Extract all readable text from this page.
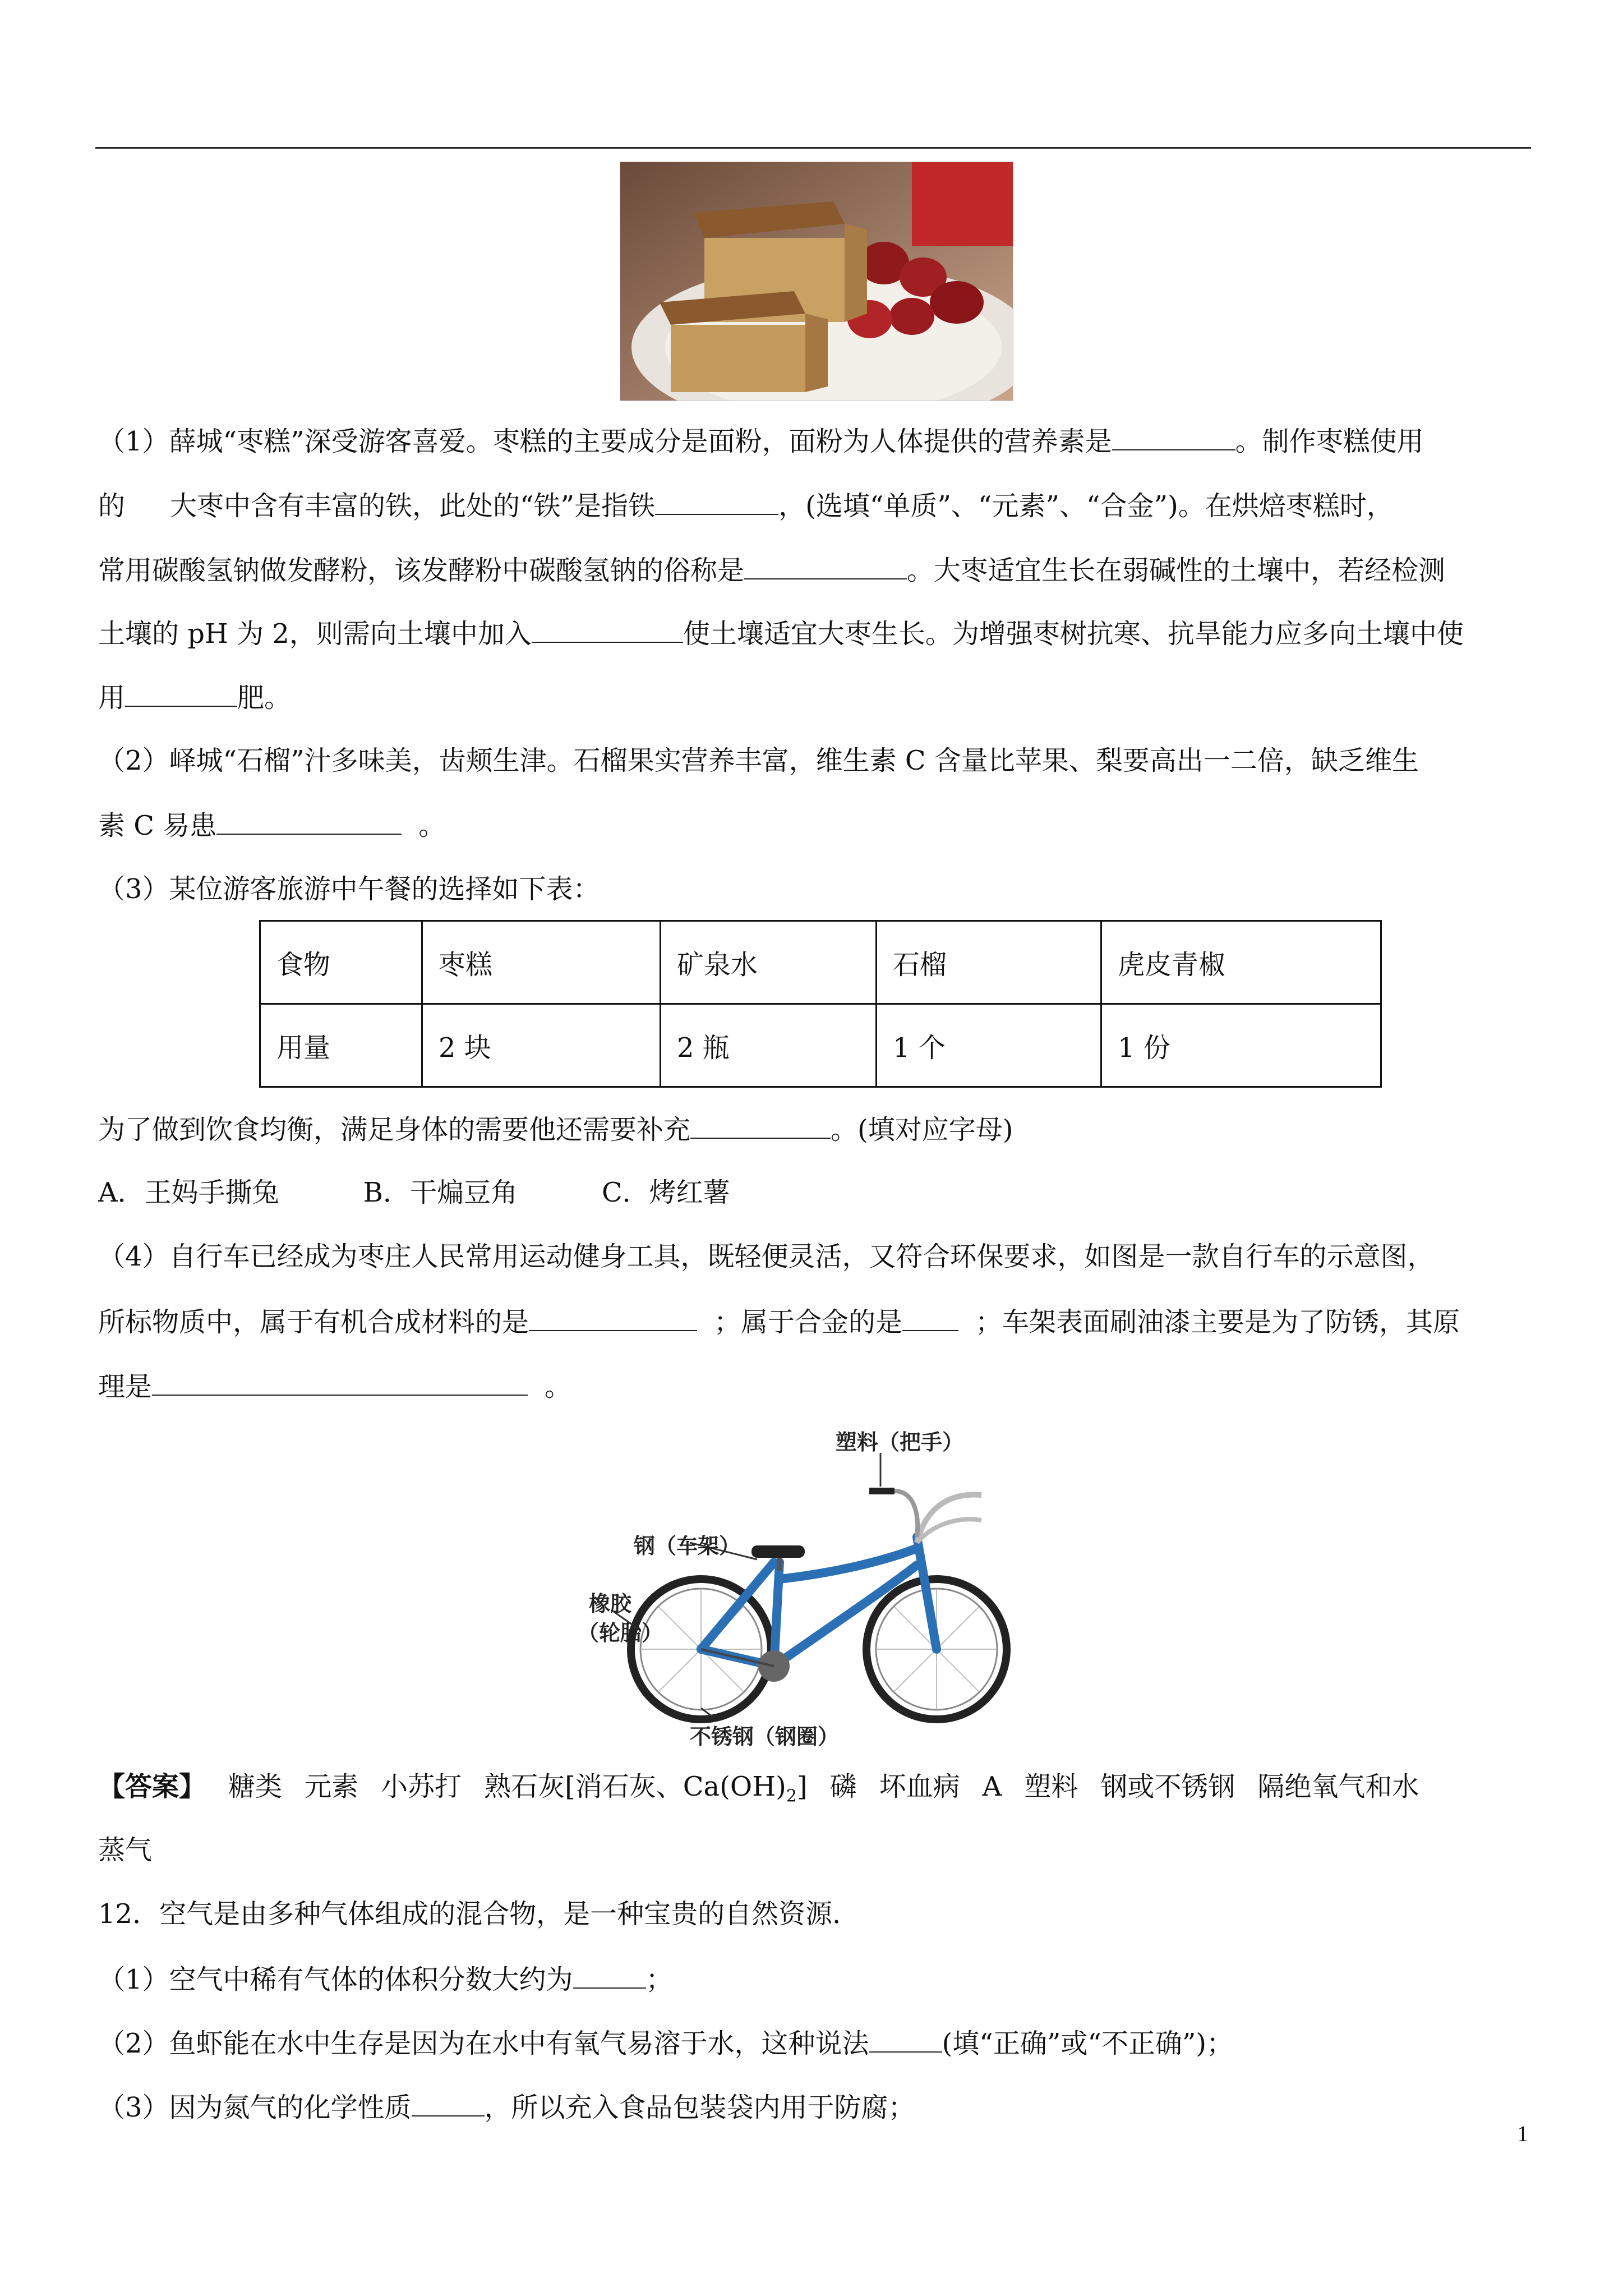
（1）薛城“枣糕”深受游客喜爱。枣糕的主要成分是面粉，面粉为人体提供的营养素是	。制作枣糕使用
的 大枣中含有丰富的铁，此处的“铁”是指铁	，(选填“单质”、“元素”、“合金”)。在烘焙枣糕时，
常用碳酸氢钠做发酵粉，该发酵粉中碳酸氢钠的俗称是	。大枣适宜生长在弱碱性的土壤中，若经检测
土壤的 pH 为 2，则需向土壤中加入	使土壤适宜大枣生长。为增强枣树抗寒、抗旱能力应多向土壤中使
用	肥。
（2）峄城“石榴”汁多味美，齿颊生津。石榴果实营养丰富，维生素 C 含量比苹果、梨要高出一二倍，缺乏维生
素 C 易患	。
（3）某位游客旅游中午餐的选择如下表：
食物	枣糕	矿泉水	石榴	虎皮青椒
用量	2 块	2 瓶	1 个	1 份
为了做到饮食均衡，满足身体的需要他还需要补充	。(填对应字母)
A．王妈手撕兔	B．干煸豆角	C．烤红薯
（4）自行车已经成为枣庄人民常用运动健身工具，既轻便灵活，又符合环保要求，如图是一款自行车的示意图，
所标物质中，属于有机合成材料的是	；属于合金的是	；车架表面刷油漆主要是为了防锈，其原
理是	。
塑料（把手）
钢（车架）
橡胶
（轮胎）
不锈钢（钢圈）
【答案】 糖类 元素 小苏打 熟石灰[消石灰、$Ca(OH)_2$] 磷 坏血病 A 塑料 钢或不锈钢 隔绝氧气和水
蒸气
12．空气是由多种气体组成的混合物，是一种宝贵的自然资源．
（1）空气中稀有气体的体积分数大约为	；
（2）鱼虾能在水中生存是因为在水中有氧气易溶于水，这种说法	(填“正确”或“不正确”)；
（3）因为氮气的化学性质	，所以充入食品包装袋内用于防腐；
1
